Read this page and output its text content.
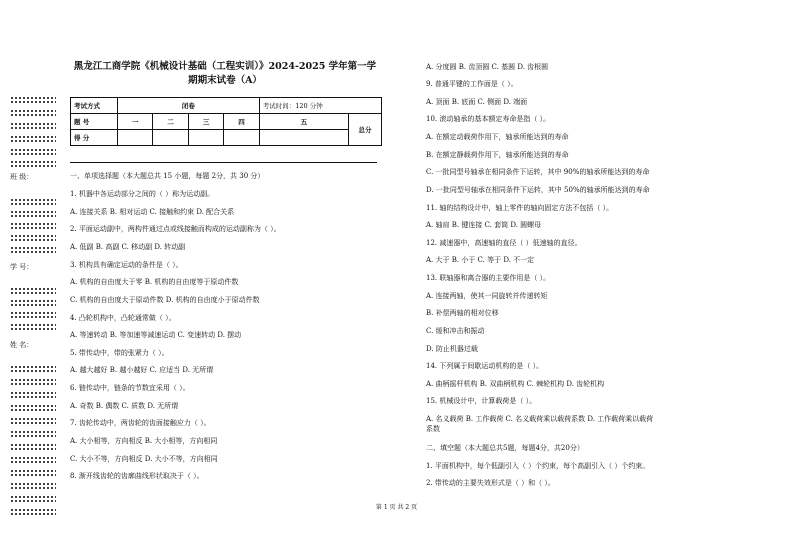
班 级：
学 号：
姓 名：
黑龙江工商学院《机械设计基础（工程实训）》2024-2025 学年第一学
期期末试卷（A）
考试方式	闭卷				考试时间：120 分钟	
题 号	一	二	三	四	五	总分
得 分						
一、单项选择题（本大题总共 15 小题，每题 2分，共 30 分）
1. 机器中各运动部分之间的（ ）称为运动副。
A. 连接关系 B. 相对运动 C. 接触和约束 D. 配合关系
2. 平面运动副中，两构件通过点或线接触而构成的运动副称为（ ）。
A. 低副 B. 高副 C. 移动副 D. 转动副
3. 机构具有确定运动的条件是（ ）。
A. 机构的自由度大于零 B. 机构的自由度等于原动件数
C. 机构的自由度大于原动件数 D. 机构的自由度小于原动件数
4. 凸轮机构中，凸轮通常做（ ）。
A. 等速转动 B. 等加速等减速运动 C. 变速转动 D. 摆动
5. 带传动中，带的张紧力（ ）。
A. 越大越好 B. 越小越好 C. 应适当 D. 无所谓
6. 链传动中，链条的节数宜采用（ ）。
A. 奇数 B. 偶数 C. 质数 D. 无所谓
7. 齿轮传动中，两齿轮的齿面接触应力（ ）。
A. 大小相等，方向相反 B. 大小相等，方向相同
C. 大小不等，方向相反 D. 大小不等，方向相同
8. 渐开线齿轮的齿廓曲线形状取决于（ ）。
A. 分度圆 B. 齿顶圆 C. 基圆 D. 齿根圆
9. 普通平键的工作面是（ ）。
A. 顶面 B. 底面 C. 侧面 D. 端面
10. 滚动轴承的基本额定寿命是指（ ）。
A. 在额定动载荷作用下，轴承所能达到的寿命
B. 在额定静载荷作用下，轴承所能达到的寿命
C. 一批同型号轴承在相同条件下运转，其中 90%的轴承所能达到的寿命
D. 一批同型号轴承在相同条件下运转，其中 50%的轴承所能达到的寿命
11. 轴的结构设计中，轴上零件的轴向固定方法不包括（ ）。
A. 轴肩 B. 键连接 C. 套筒 D. 圆螺母
12. 减速器中，高速轴的直径（ ）低速轴的直径。
A. 大于 B. 小于 C. 等于 D. 不一定
13. 联轴器和离合器的主要作用是（ ）。
A. 连接两轴，使其一同旋转并传递转矩
B. 补偿两轴的相对位移
C. 缓和冲击和振动
D. 防止机器过载
14. 下列属于间歇运动机构的是（ ）。
A. 曲柄摇杆机构 B. 双曲柄机构 C. 棘轮机构 D. 齿轮机构
15. 机械设计中，计算载荷是（ ）。
A. 名义载荷 B. 工作载荷 C. 名义载荷乘以载荷系数 D. 工作载荷乘以载荷
系数
二、填空题（本大题总共5题，每题4分，共20分）
1. 平面机构中，每个低副引入（ ）个约束，每个高副引入（ ）个约束。
2. 带传动的主要失效形式是（ ）和（ ）。
第 1 页 共 2 页
